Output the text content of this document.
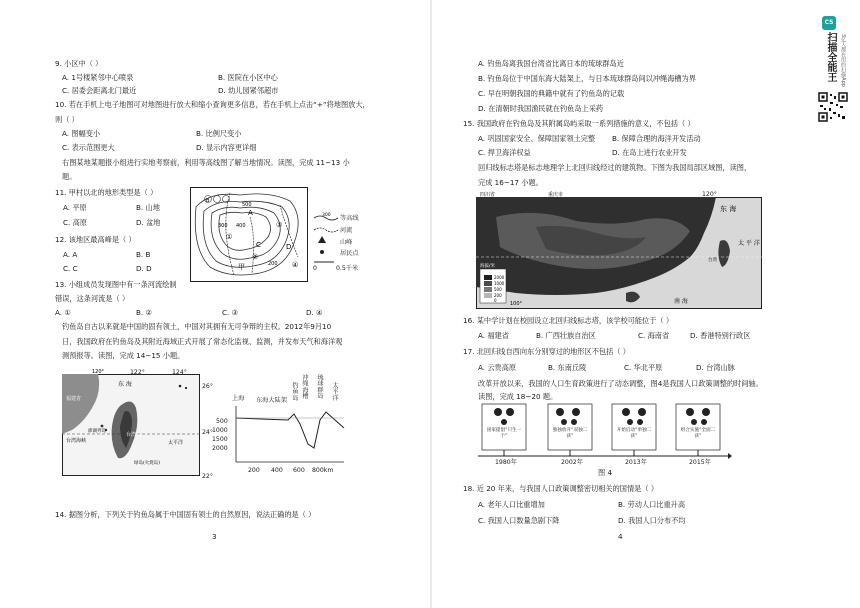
9. 小区中（ ）
A. 1号楼紧邻中心喷泉	B. 医院在小区中心
C. 居委会距离北门最近	D. 幼儿园紧邻超市
10. 若在手机上电子地图可对地图进行放大和缩小查询更多信息，若在手机上点击“+”将地图放大，
则（ ）
A. 图幅变小	B. 比例尺变小
C. 表示范围更大	D. 显示内容更详细
右图某地某题报小组进行实地考察前，利用等高线图了解当地情况。读图，完成 11~13 小
题。
11. 甲村以北的地形类型是（ ）
A. 平原	B. 山地
C. 高原	D. 盆地
12. 该地区最高峰是（ ）
A. A	B. B
C. C	D. D
13. 小组成员发现图中有一条河流绘制
错误，这条河流是（ ）
A. ①	B. ②	C. ③	D. ④
A
B
C	D
甲
500
400
300
200
①
②
③
④
300 等高线
河流
山峰
居民点
0	0.5千米
钓鱼岛自古以来就是中国的固有领土，中国对其拥有无可争辩的主权。2012年9月10
日，我国政府在钓鱼岛及其附近海域正式开展了常态化监视、监测，并发布天气和海洋观
测预报等。读图，完成 14~15 小题。
120°
福建省
东 海
台湾海峡
台湾岛
澎湖列岛
太平洋
绿岛(火烧岛)
122°	124°
26°
24°
22°
上海 东海大陆架 钓鱼岛 冲绳海槽 琉球群岛 太平洋
500
1000
1500
2000
200 400 600 800km
14. 据图分析，下列关于钓鱼岛属于中国固有领土的自然原因，说法正确的是（ ）
3
A. 钓鱼岛离我国台湾省比离日本的琉球群岛近
B. 钓鱼岛位于中国东海大陆架上，与日本琉球群岛间以冲绳海槽为界
C. 早在明朝我国的典籍中就有了钓鱼岛的记载
D. 在清朝时我国渔民就在钓鱼岛上采药
15. 我国政府在钓鱼岛及其附属岛屿采取一系列措施的意义，不包括（ ）
A. 巩固国家安全、保障国家领土完整 B. 保障合理的海洋开发活动
C. 捍卫海洋权益	D. 在岛上进行农业开发
回归线标志塔是标志地理学上北回归线经过的建筑物。下图为我国局部区域图，读图，
完成 16~17 小题。
四川省	重庆市
东 海
太 平 洋
南 海
台湾
海拔/米
2000
1000
500
200
0
100°
120°
16. 某中学计划在校园设立北回归线标志塔，该学校可能位于（ ）
A. 福建省	B. 广西壮族自治区	C. 海南省	D. 香港特别行政区
17. 北回归线自西向东分别穿过的地形区不包括（ ）
A. 云贵高原	B. 东南丘陵	C. 华北平原	D. 台湾山脉
改革开放以来，我国的人口生育政策进行了动态调整，图4是我国人口政策调整的时间轴。
读图，完成 18~20 题。
国家提倡“只生一个”
独独放开“双独二孩”
开始启动“单独二孩”
组合实施“全面二孩”
1980年	2002年	2013年	2015年
图 4
18. 近 20 年来，与我国人口政策调整密切相关的国情是（ ）
A. 老年人口比重增加	B. 劳动人口比重升高
C. 我国人口数量急剧下降	D. 我国人口分布不均
4
CS
扫描全能王 3亿人都在用的扫描App
